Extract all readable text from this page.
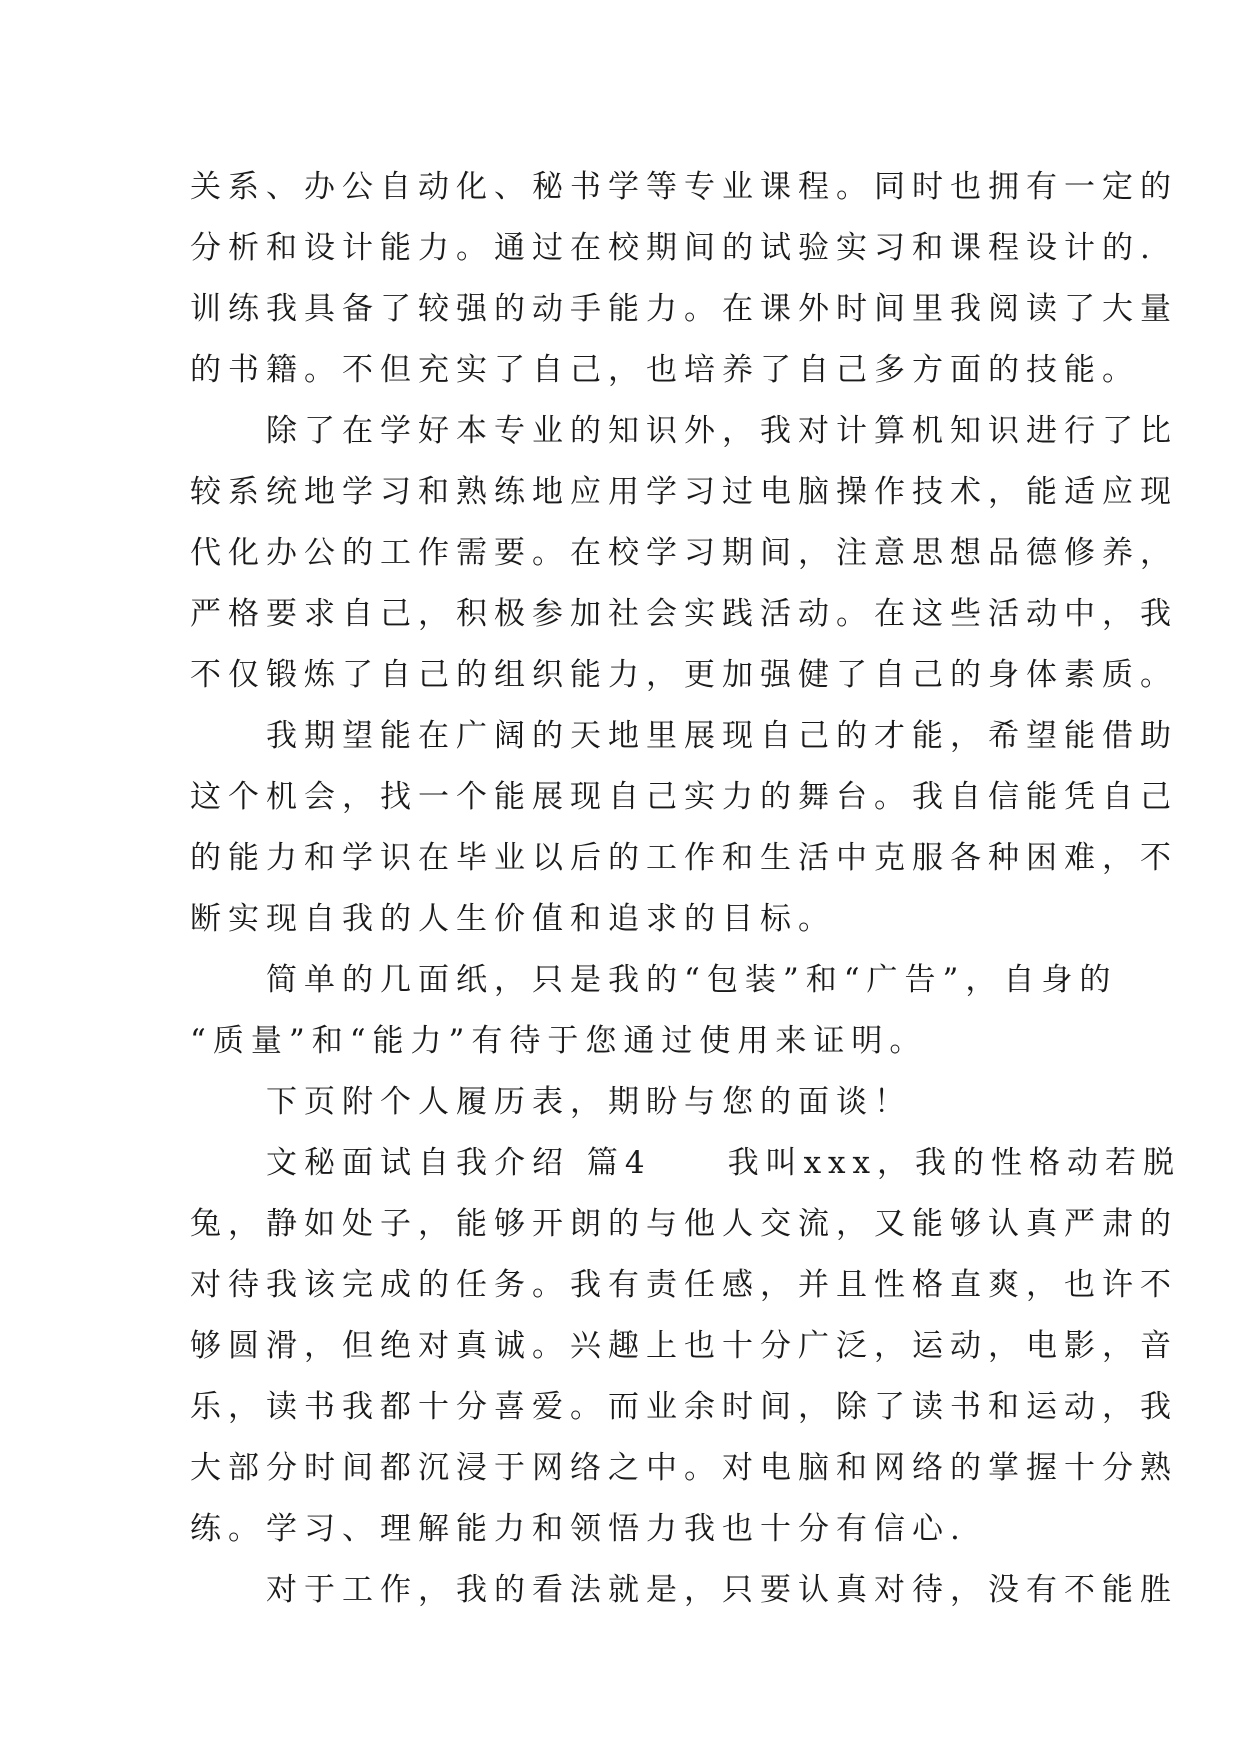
关系、办公自动化、秘书学等专业课程。同时也拥有一定的
分析和设计能力。通过在校期间的试验实习和课程设计的.
训练我具备了较强的动手能力。在课外时间里我阅读了大量
的书籍。不但充实了自己，也培养了自己多方面的技能。
　　除了在学好本专业的知识外，我对计算机知识进行了比
较系统地学习和熟练地应用学习过电脑操作技术，能适应现
代化办公的工作需要。在校学习期间，注意思想品德修养，
严格要求自己，积极参加社会实践活动。在这些活动中，我
不仅锻炼了自己的组织能力，更加强健了自己的身体素质。
　　我期望能在广阔的天地里展现自己的才能，希望能借助
这个机会，找一个能展现自己实力的舞台。我自信能凭自己
的能力和学识在毕业以后的工作和生活中克服各种困难，不
断实现自我的人生价值和追求的目标。
　　简单的几面纸，只是我的“包装”和“广告”，自身的
“质量”和“能力”有待于您通过使用来证明。
　　下页附个人履历表，期盼与您的面谈！
　　文秘面试自我介绍 篇4　　我叫xxx，我的性格动若脱
兔，静如处子，能够开朗的与他人交流，又能够认真严肃的
对待我该完成的任务。我有责任感，并且性格直爽，也许不
够圆滑，但绝对真诚。兴趣上也十分广泛，运动，电影，音
乐，读书我都十分喜爱。而业余时间，除了读书和运动，我
大部分时间都沉浸于网络之中。对电脑和网络的掌握十分熟
练。学习、理解能力和领悟力我也十分有信心.
　　对于工作，我的看法就是，只要认真对待，没有不能胜
